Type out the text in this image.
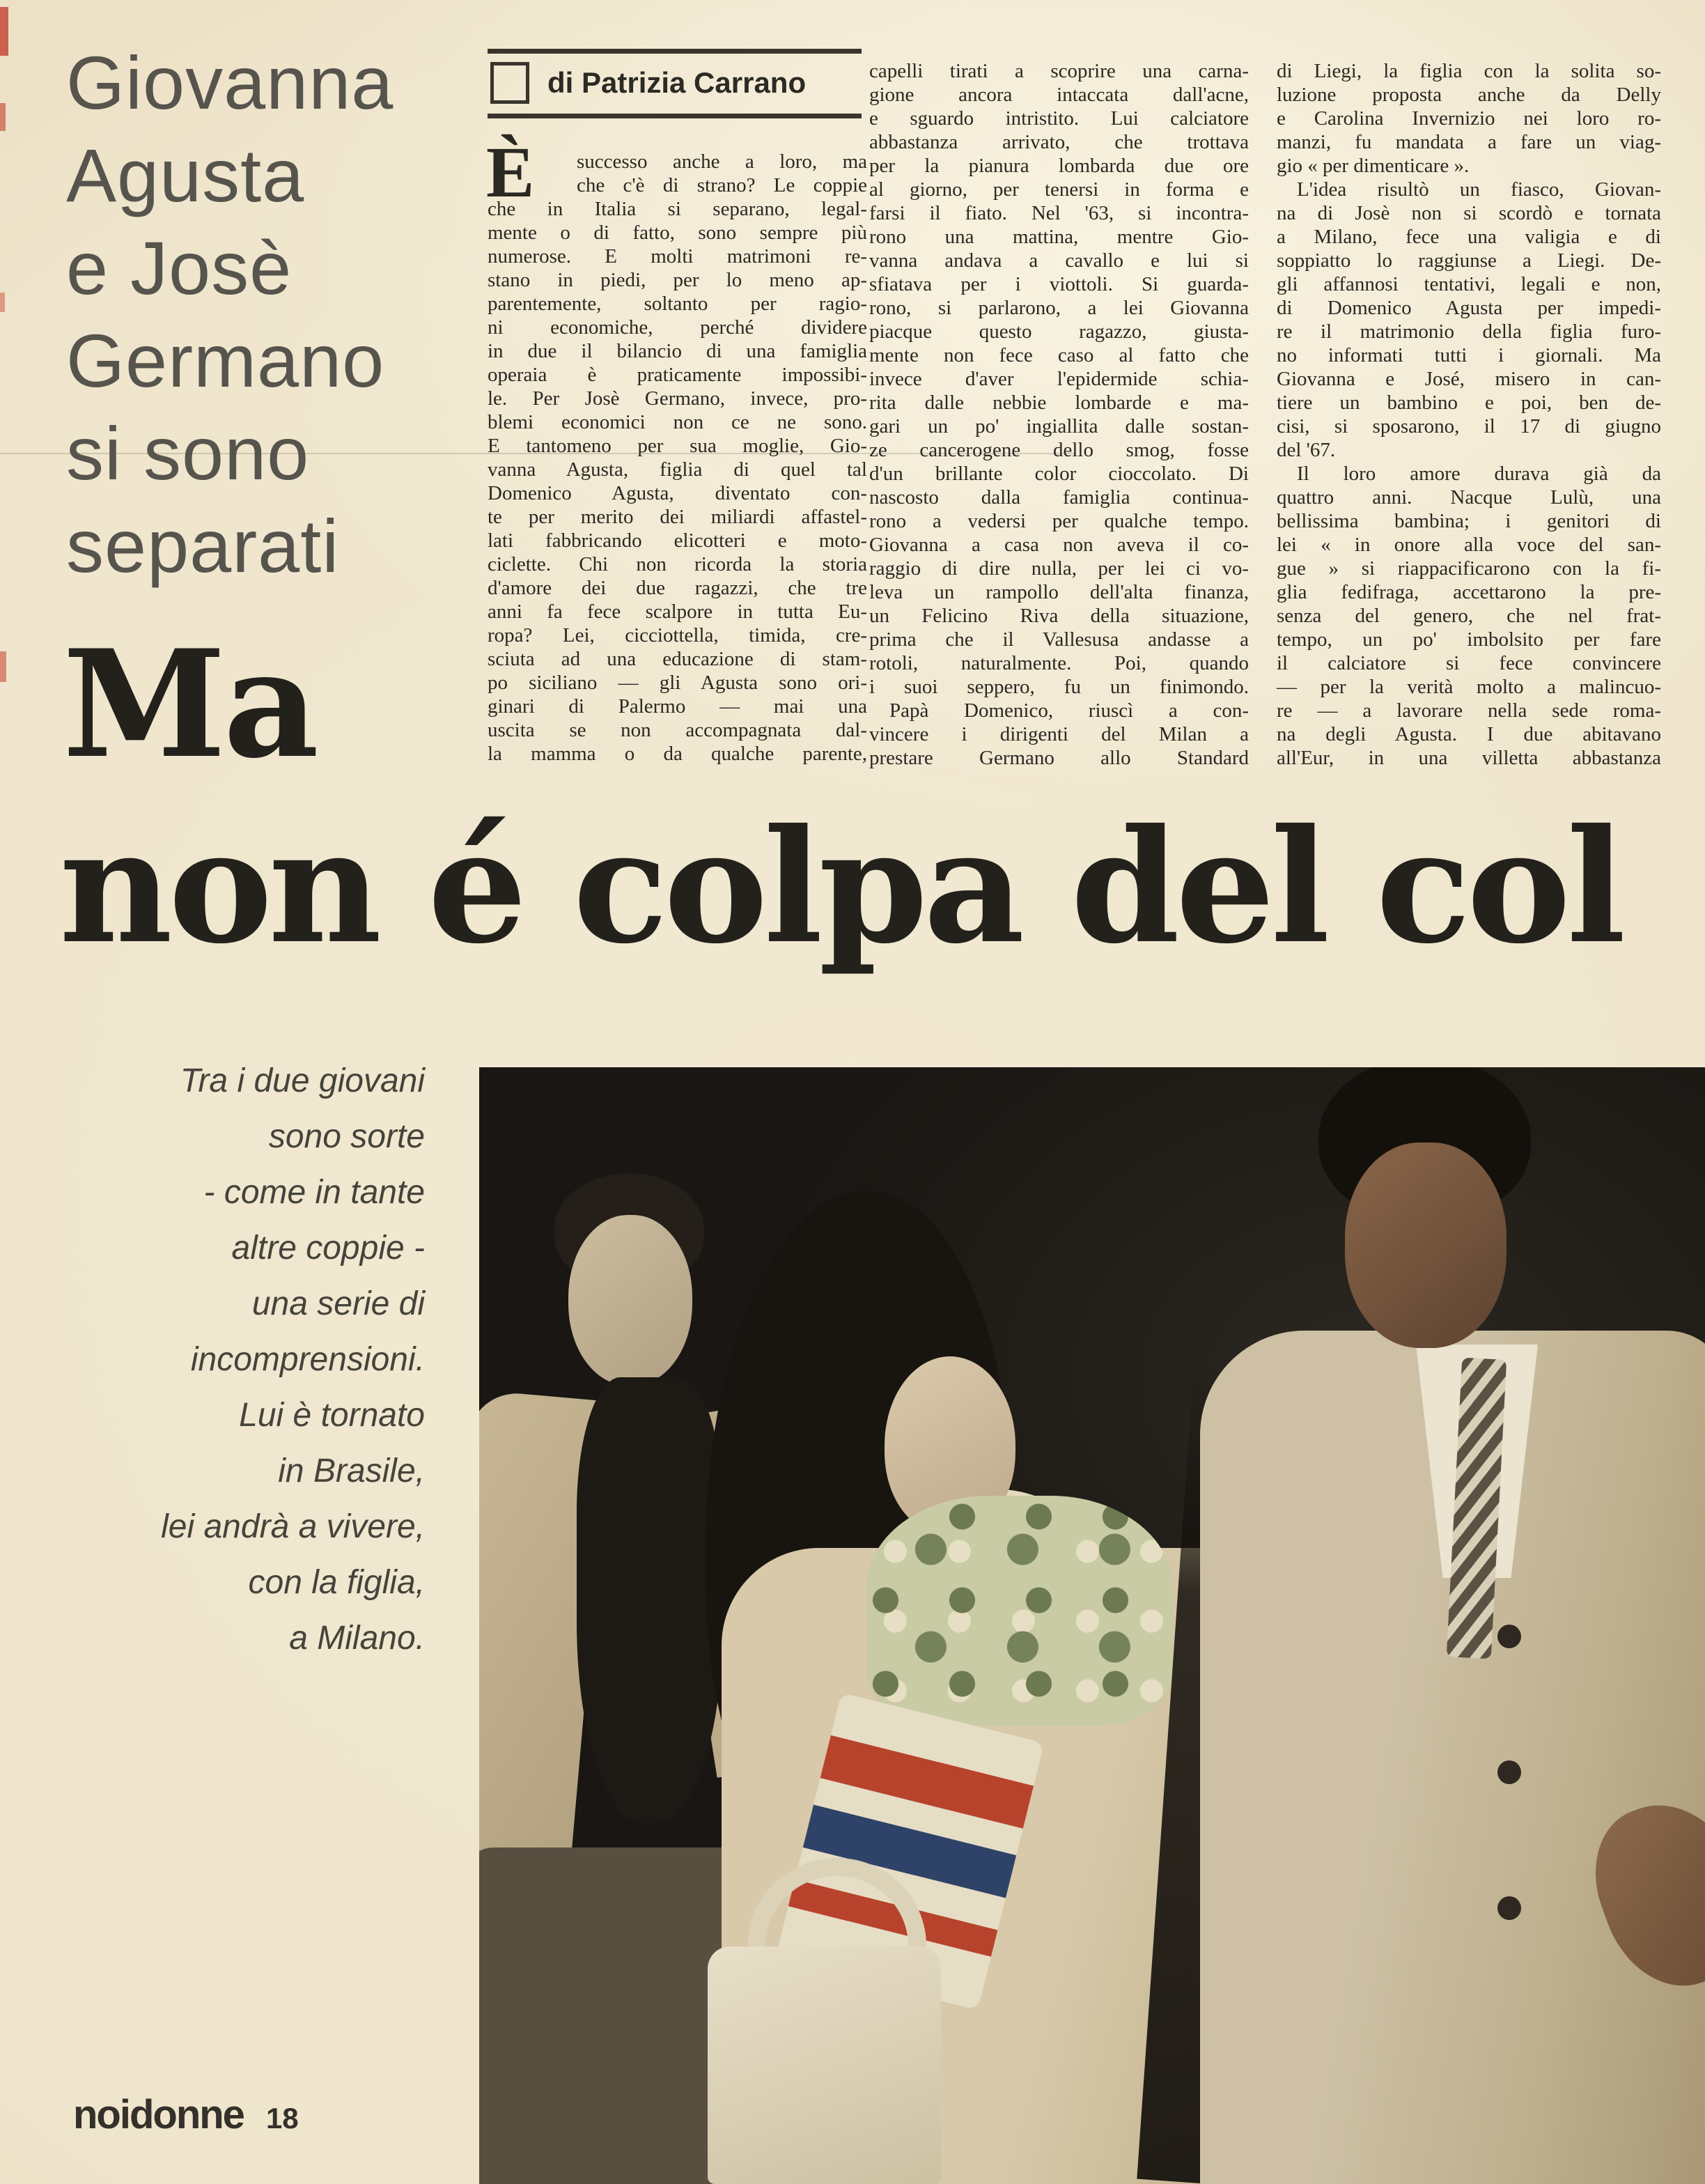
Giovanna
Agusta
e Josè
Germano
si sono
separati
di Patrizia Carrano
È	successo anche a loro, ma
che c'è di strano? Le coppie
che in Italia si separano, legal-
mente o di fatto, sono sempre più
numerose. E molti matrimoni re-
stano in piedi, per lo meno ap-
parentemente, soltanto per ragio-
ni economiche, perché dividere
in due il bilancio di una famiglia
operaia è praticamente impossibi-
le. Per Josè Germano, invece, pro-
blemi economici non ce ne sono.
E tantomeno per sua moglie, Gio-
vanna Agusta, figlia di quel tal
Domenico Agusta, diventato con-
te per merito dei miliardi affastel-
lati fabbricando elicotteri e moto-
ciclette. Chi non ricorda la storia
d'amore dei due ragazzi, che tre
anni fa fece scalpore in tutta Eu-
ropa? Lei, cicciottella, timida, cre-
sciuta ad una educazione di stam-
po siciliano — gli Agusta sono ori-
ginari di Palermo — mai una
uscita se non accompagnata dal-
la mamma o da qualche parente,
capelli tirati a scoprire una carna-
gione ancora intaccata dall'acne,
e sguardo intristito. Lui calciatore
abbastanza arrivato, che trottava
per la pianura lombarda due ore
al giorno, per tenersi in forma e
farsi il fiato. Nel '63, si incontra-
rono una mattina, mentre Gio-
vanna andava a cavallo e lui si
sfiatava per i viottoli. Si guarda-
rono, si parlarono, a lei Giovanna
piacque questo ragazzo, giusta-
mente non fece caso al fatto che
invece d'aver l'epidermide schia-
rita dalle nebbie lombarde e ma-
gari un po' ingiallita dalle sostan-
ze cancerogene dello smog, fosse
d'un brillante color cioccolato. Di
nascosto dalla famiglia continua-
rono a vedersi per qualche tempo.
Giovanna a casa non aveva il co-
raggio di dire nulla, per lei ci vo-
leva un rampollo dell'alta finanza,
un Felicino Riva della situazione,
prima che il Vallesusa andasse a
rotoli, naturalmente. Poi, quando
i suoi seppero, fu un finimondo.
 Papà Domenico, riuscì a con-
vincere i dirigenti del Milan a
prestare Germano allo Standard
di Liegi, la figlia con la solita so-
luzione proposta anche da Delly
e Carolina Invernizio nei loro ro-
manzi, fu mandata a fare un viag-
gio « per dimenticare ».
 L'idea risultò un fiasco, Giovan-
na di Josè non si scordò e tornata
a Milano, fece una valigia e di
soppiatto lo raggiunse a Liegi. De-
gli affannosi tentativi, legali e non,
di Domenico Agusta per impedi-
re il matrimonio della figlia furo-
no informati tutti i giornali. Ma
Giovanna e José, misero in can-
tiere un bambino e poi, ben de-
cisi, si sposarono, il 17 di giugno
del '67.
 Il loro amore durava già da
quattro anni. Nacque Lulù, una
bellissima bambina; i genitori di
lei « in onore alla voce del san-
gue » si riappacificarono con la fi-
glia fedifraga, accettarono la pre-
senza del genero, che nel frat-
tempo, un po' imbolsito per fare
il calciatore si fece convincere
— per la verità molto a malincuo-
re — a lavorare nella sede roma-
na degli Agusta. I due abitavano
all'Eur, in una villetta abbastanza
Ma
non é colpa del col
Tra i due giovani
sono sorte
- come in tante
altre coppie -
una serie di
incomprensioni.
Lui è tornato
in Brasile,
lei andrà a vivere,
con la figlia,
a Milano.
noidonne 18
